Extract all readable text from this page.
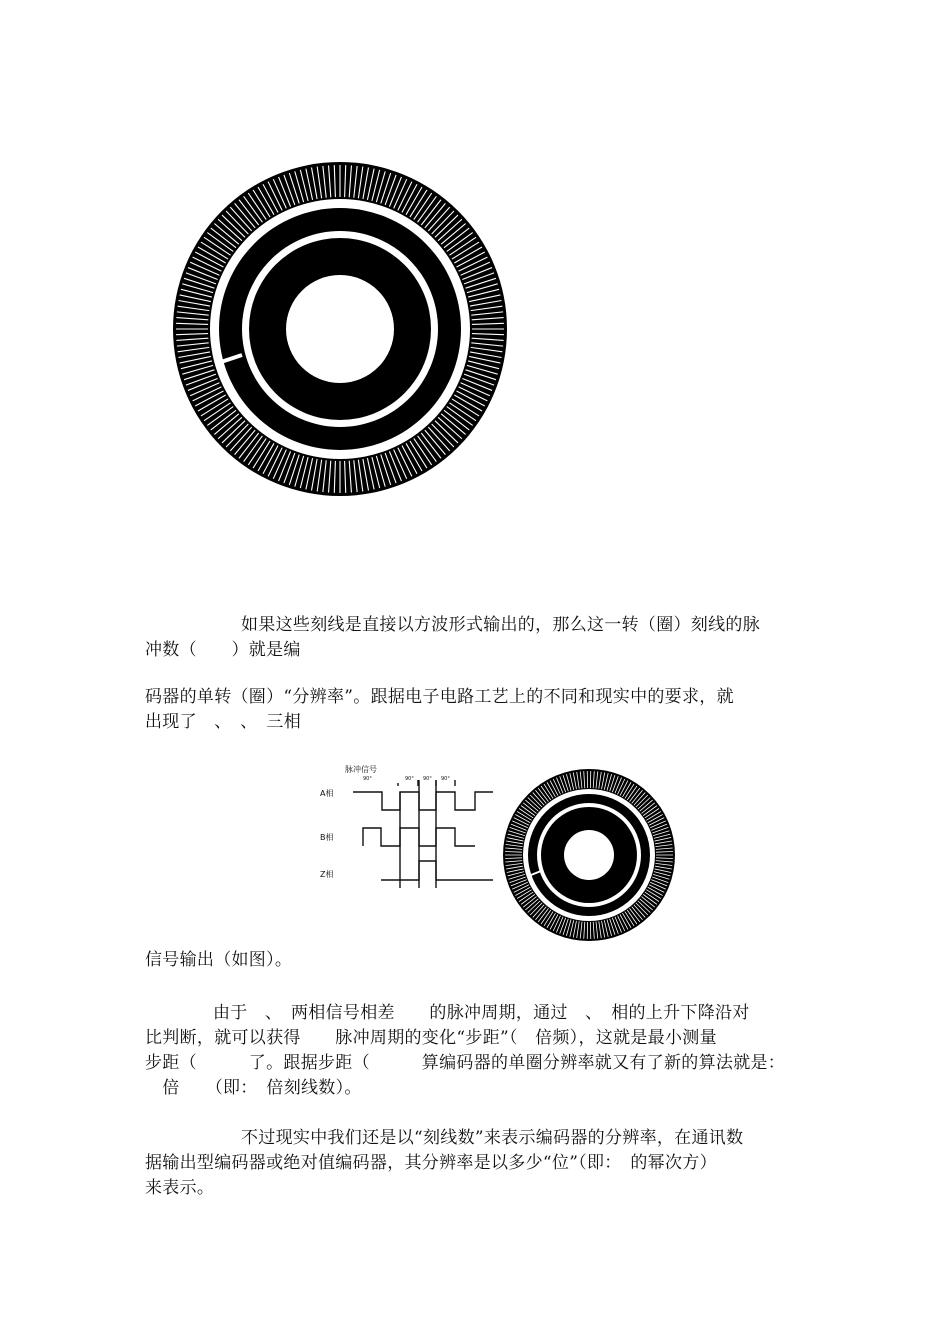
如果这些刻线是直接以方波形式输出的，那么这一转（圈）刻线的脉
冲数（　　）就是编
码器的单转（圈）“分辨率”。跟据电子电路工艺上的不同和现实中的要求，就
出现了　、　、　三相
脉冲信号
90°	90° 90° 90°
A相
B相
Z相
信号输出（如图）。
由于　、　两相信号相差　　的脉冲周期，通过　、　相的上升下降沿对
比判断，就可以获得　　脉冲周期的变化“步距”（　倍频），这就是最小测量
步距（　　　了。跟据步距（　　　算编码器的单圈分辨率就又有了新的算法就是：
　倍　　（即：　倍刻线数）。
不过现实中我们还是以“刻线数”来表示编码器的分辨率，在通讯数
据输出型编码器或绝对值编码器，其分辨率是以多少“位”（即：　的幂次方）
来表示。
